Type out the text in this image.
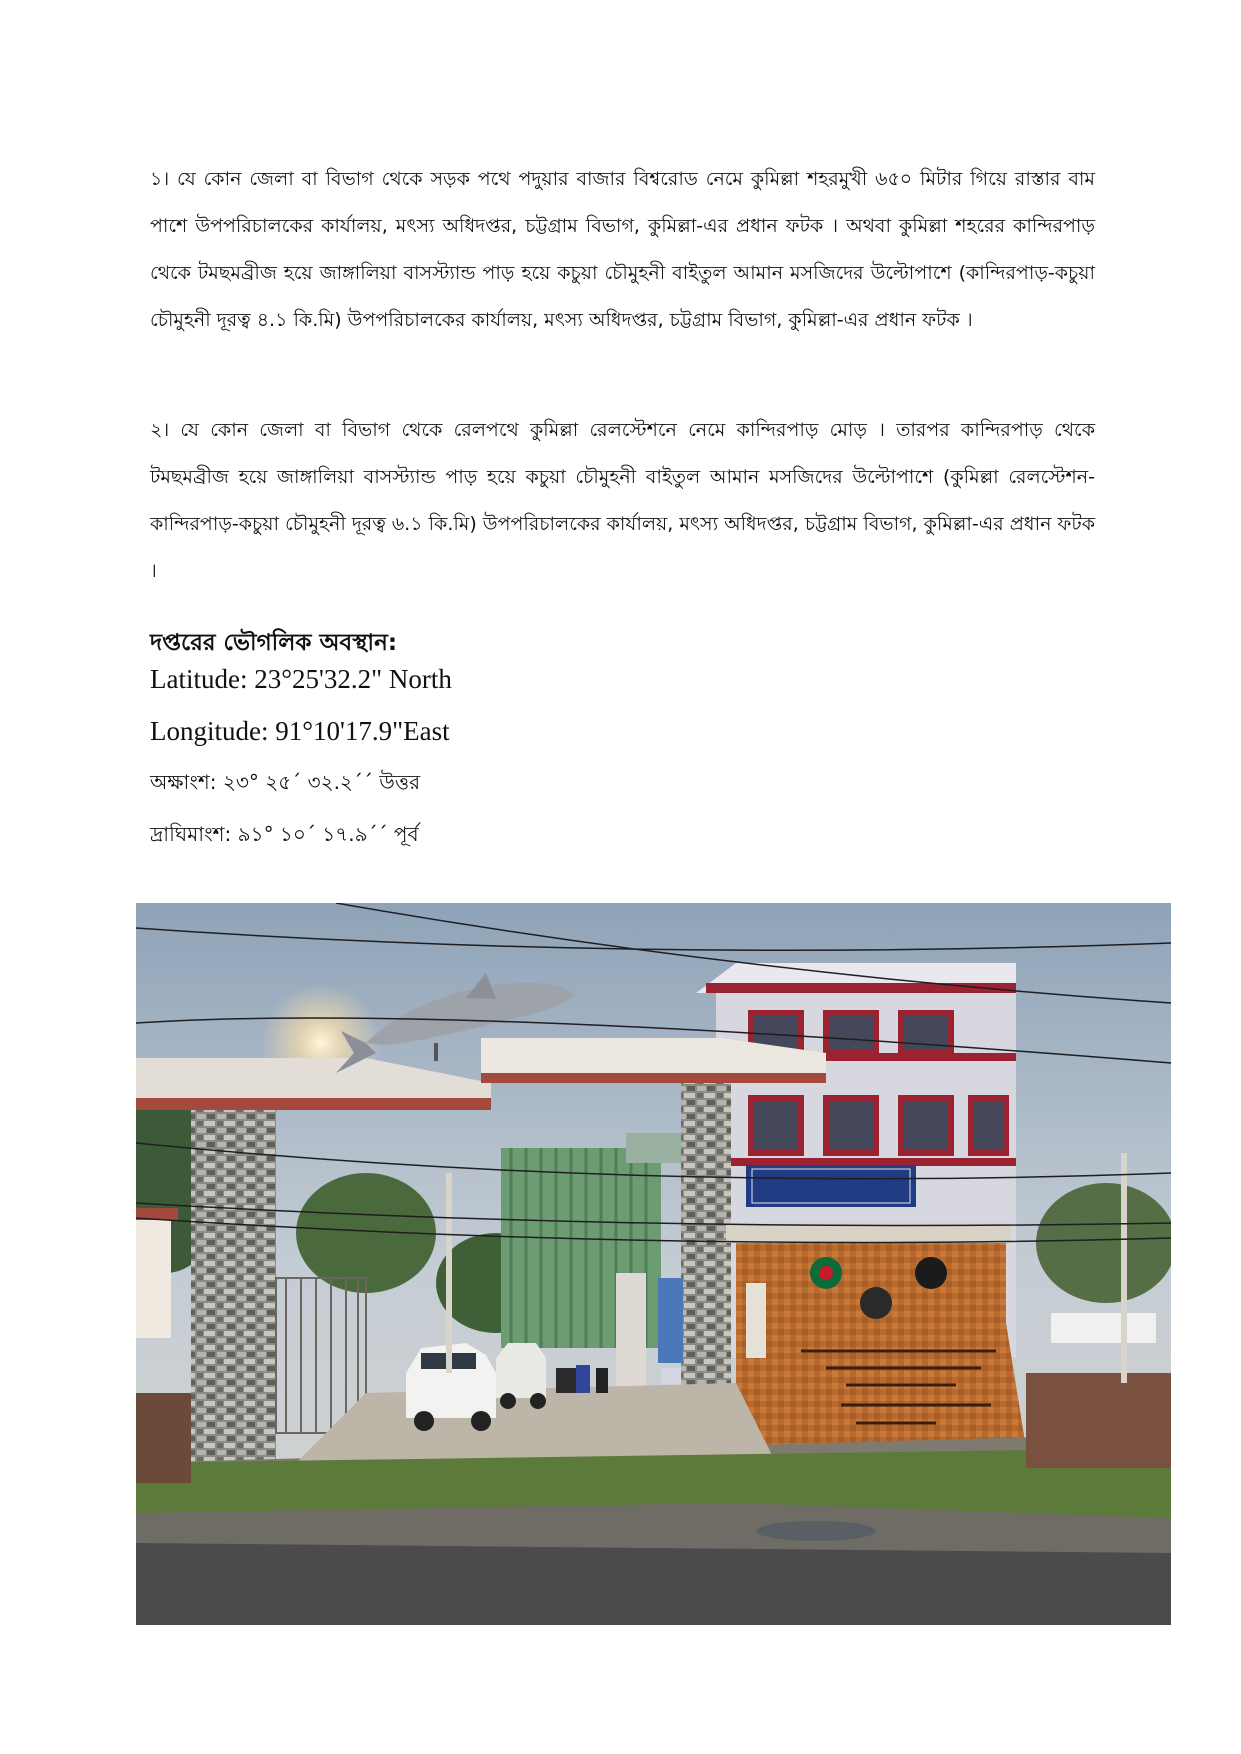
১। যে কোন জেলা বা বিভাগ থেকে সড়ক পথে পদুয়ার বাজার বিশ্বরোড নেমে কুমিল্লা শহরমুখী ৬৫০ মিটার গিয়ে রাস্তার বাম পাশে উপপরিচালকের কার্যালয়, মৎস্য অধিদপ্তর, চট্টগ্রাম বিভাগ, কুমিল্লা-এর প্রধান ফটক । অথবা কুমিল্লা শহরের কান্দিরপাড় থেকে টমছমব্রীজ হয়ে জাঙ্গালিয়া বাসস্ট্যান্ড পাড় হয়ে কচুয়া চৌমুহনী বাইতুল আমান মসজিদের উল্টোপাশে (কান্দিরপাড়-কচুয়া চৌমুহনী দূরত্ব ৪.১ কি.মি) উপপরিচালকের কার্যালয়, মৎস্য অধিদপ্তর, চট্টগ্রাম বিভাগ, কুমিল্লা-এর প্রধান ফটক ।

২। যে কোন জেলা বা বিভাগ থেকে রেলপথে কুমিল্লা রেলস্টেশনে নেমে কান্দিরপাড় মোড় । তারপর কান্দিরপাড় থেকে টমছমব্রীজ হয়ে জাঙ্গালিয়া বাসস্ট্যান্ড পাড় হয়ে কচুয়া চৌমুহনী বাইতুল আমান মসজিদের উল্টোপাশে (কুমিল্লা রেলস্টেশন-কান্দিরপাড়-কচুয়া চৌমুহনী দূরত্ব ৬.১ কি.মি) উপপরিচালকের কার্যালয়, মৎস্য অধিদপ্তর, চট্টগ্রাম বিভাগ, কুমিল্লা-এর প্রধান ফটক ।

দপ্তরের ভৌগলিক অবস্থান:

Latitude: 23°25'32.2" North

Longitude: 91°10'17.9"East

অক্ষাংশ: ২৩° ২৫´ ৩২.২´´ উত্তর

দ্রাঘিমাংশ: ৯১° ১০´ ১৭.৯´´ পূর্ব
